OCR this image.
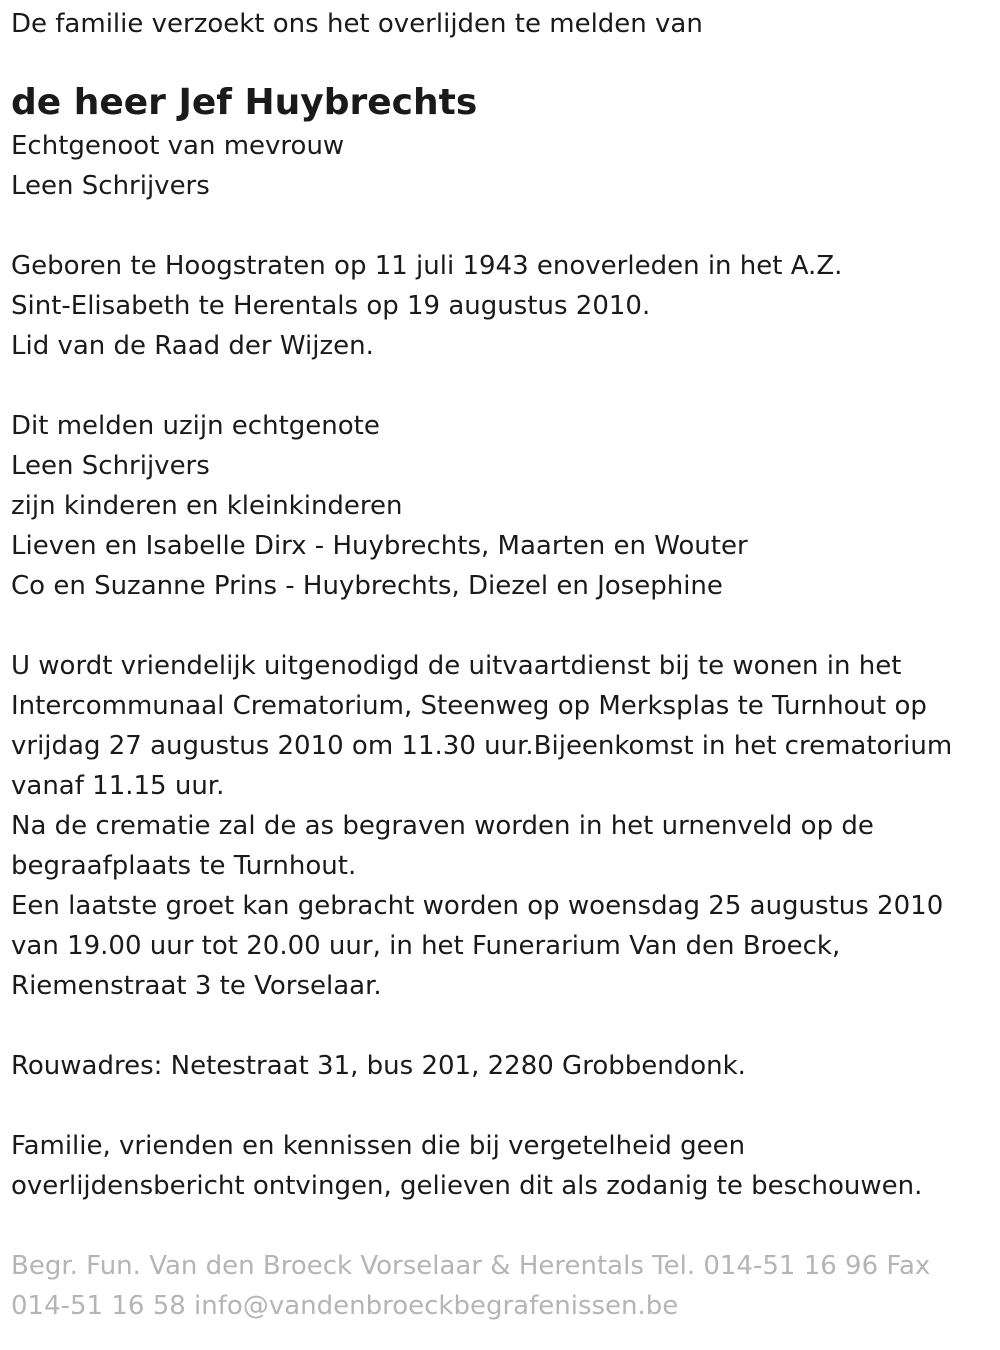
De familie verzoekt ons het overlijden te melden van
de heer Jef Huybrechts
Echtgenoot van mevrouw
Leen Schrijvers
Geboren te Hoogstraten op 11 juli 1943 enoverleden in het A.Z.
Sint-Elisabeth te Herentals op 19 augustus 2010.
Lid van de Raad der Wijzen.
Dit melden uzijn echtgenote
Leen Schrijvers
zijn kinderen en kleinkinderen
Lieven en Isabelle Dirx - Huybrechts, Maarten en Wouter
Co en Suzanne Prins - Huybrechts, Diezel en Josephine
U wordt vriendelijk uitgenodigd de uitvaartdienst bij te wonen in het
Intercommunaal Crematorium, Steenweg op Merksplas te Turnhout op
vrijdag 27 augustus 2010 om 11.30 uur.Bijeenkomst in het crematorium
vanaf 11.15 uur.
Na de crematie zal de as begraven worden in het urnenveld op de
begraafplaats te Turnhout.
Een laatste groet kan gebracht worden op woensdag 25 augustus 2010
van 19.00 uur tot 20.00 uur, in het Funerarium Van den Broeck,
Riemenstraat 3 te Vorselaar.
Rouwadres: Netestraat 31, bus 201, 2280 Grobbendonk.
Familie, vrienden en kennissen die bij vergetelheid geen
overlijdensbericht ontvingen, gelieven dit als zodanig te beschouwen.
Begr. Fun. Van den Broeck Vorselaar & Herentals Tel. 014-51 16 96 Fax
014-51 16 58 info@vandenbroeckbegrafenissen.be
